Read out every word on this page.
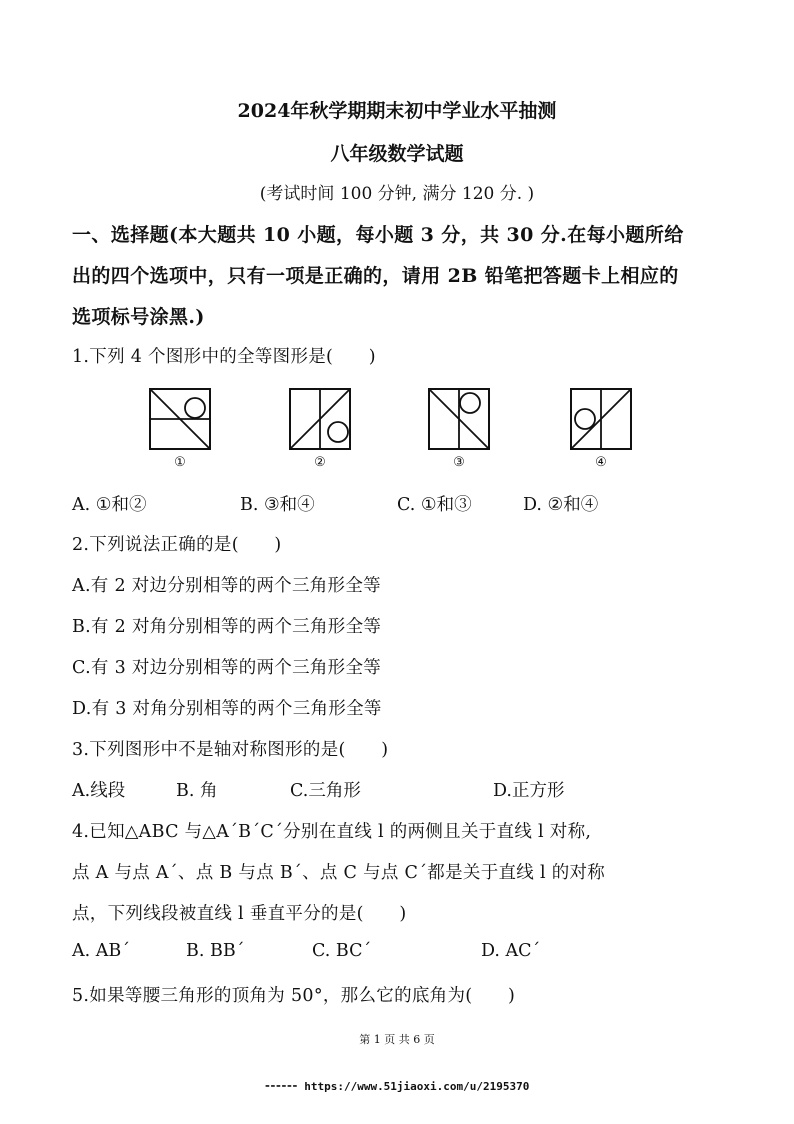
2024年秋学期期末初中学业水平抽测
八年级数学试题
(考试时间 100 分钟, 满分 120 分. )
一、选择题(本大题共 10 小题，每小题 3 分，共 30 分.在每小题所给
出的四个选项中，只有一项是正确的，请用 2B 铅笔把答题卡上相应的
选项标号涂黑.)
1.下列 4 个图形中的全等图形是(　　)
①	②	③	④
A. ①和②	B. ③和④	C. ①和③	D. ②和④
2.下列说法正确的是(　　)
A.有 2 对边分别相等的两个三角形全等
B.有 2 对角分别相等的两个三角形全等
C.有 3 对边分别相等的两个三角形全等
D.有 3 对角分别相等的两个三角形全等
3.下列图形中不是轴对称图形的是(　　)
A.线段	B. 角	C.三角形	D.正方形
4.已知△ABC 与△A´B´C´分别在直线 l 的两侧且关于直线 l 对称,
点 A 与点 A´、点 B 与点 B´、点 C 与点 C´都是关于直线 l 的对称
点，下列线段被直线 l 垂直平分的是(　　)
A. AB´	B. BB´	C. BC´	D. AC´
5.如果等腰三角形的顶角为 50°，那么它的底角为(　　)
第 1 页 共 6 页
⁃⁃⁃⁃⁃⁃ https://www.51jiaoxi.com/u/2195370
